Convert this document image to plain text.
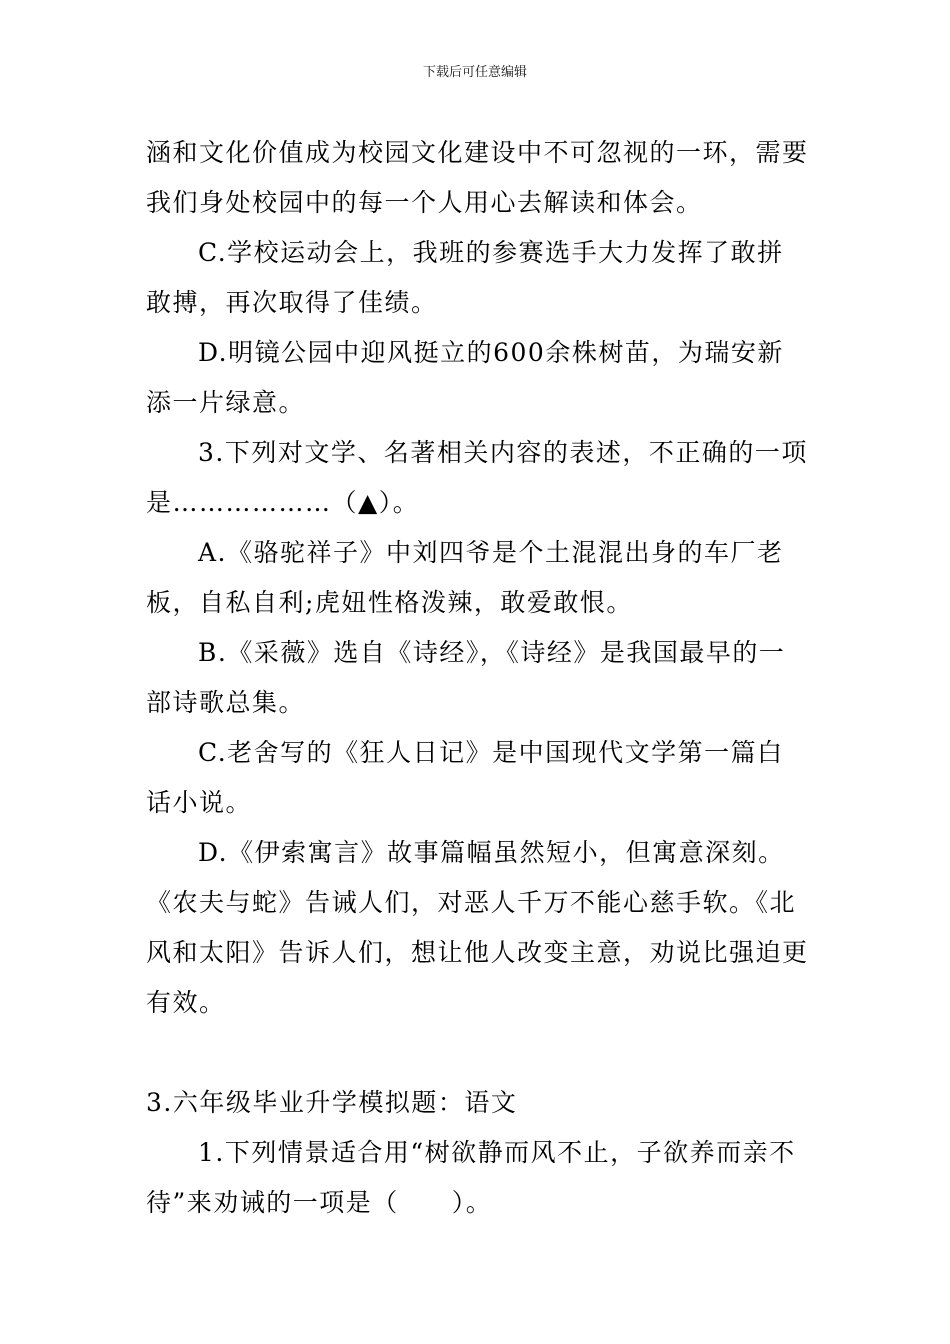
下载后可任意编辑

涵和文化价值成为校园文化建设中不可忽视的一环，需要我们身处校园中的每一个人用心去解读和体会。

C.学校运动会上，我班的参赛选手大力发挥了敢拼敢搏，再次取得了佳绩。

D.明镜公园中迎风挺立的600余株树苗，为瑞安新添一片绿意。

3.下列对文学、名著相关内容的表述，不正确的一项是………………（▲）。

A.《骆驼祥子》中刘四爷是个土混混出身的车厂老板，自私自利;虎妞性格泼辣，敢爱敢恨。

B.《采薇》选自《诗经》，《诗经》是我国最早的一部诗歌总集。

C.老舍写的《狂人日记》是中国现代文学第一篇白话小说。

D.《伊索寓言》故事篇幅虽然短小，但寓意深刻。《农夫与蛇》告诫人们，对恶人千万不能心慈手软。《北风和太阳》告诉人们，想让他人改变主意，劝说比强迫更有效。

3.六年级毕业升学模拟题：语文

1.下列情景适合用“树欲静而风不止，子欲养而亲不待”来劝诫的一项是（　　）。
